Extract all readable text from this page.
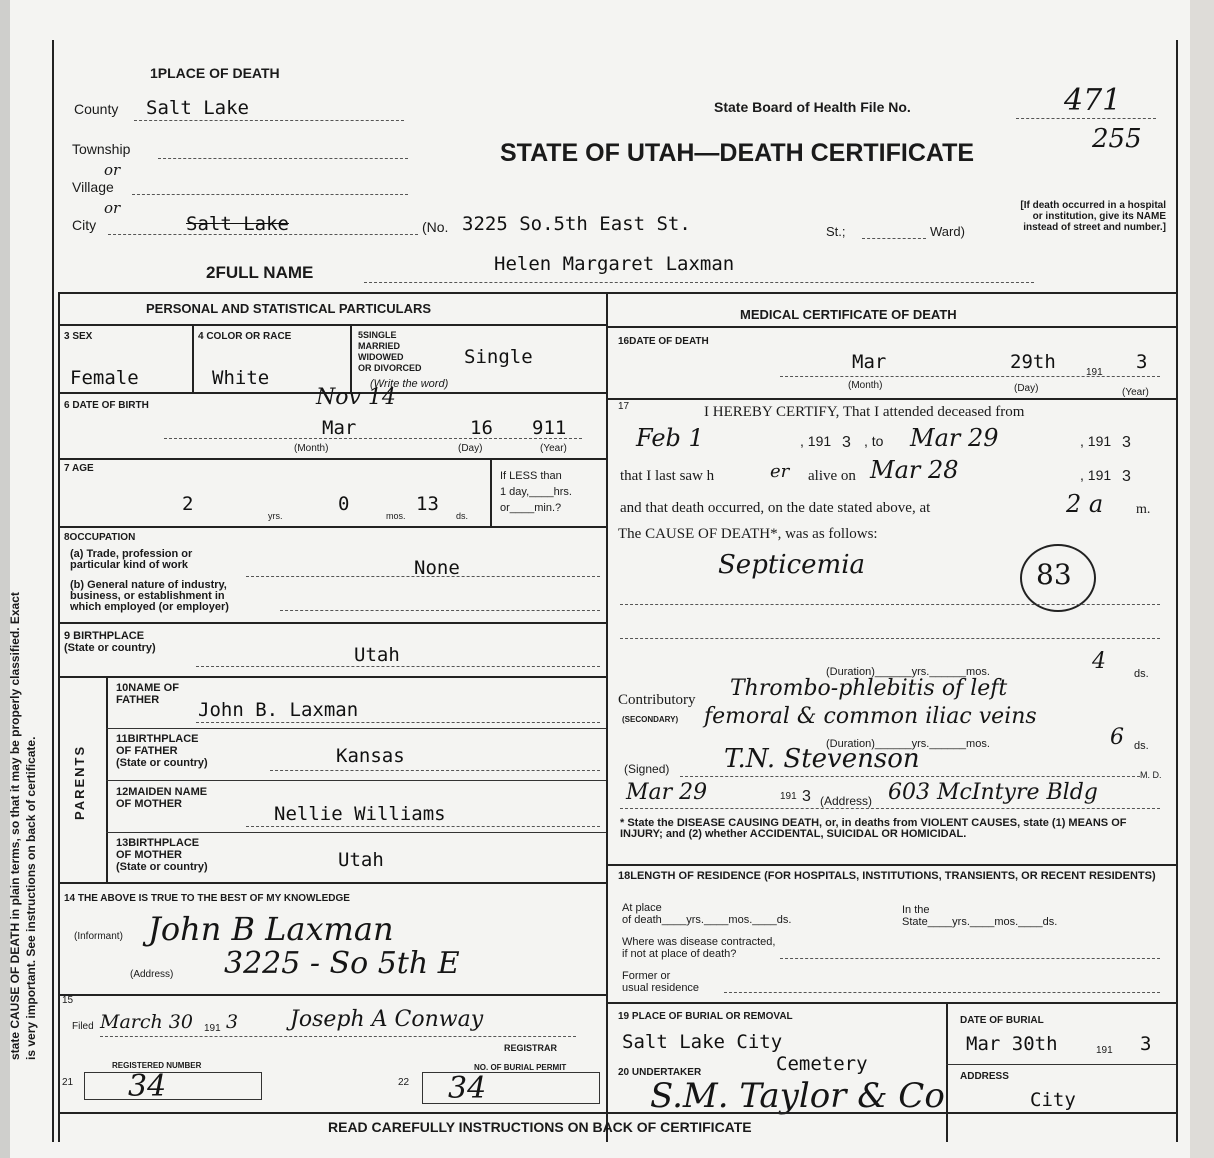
state CAUSE OF DEATH in plain terms, so that it may be properly classified. Exact is very important. See instructions on back of certificate.
1PLACE OF DEATH
County Salt Lake
Township
or
Village
or
City	Salt Lake	(No. 3225 So.5th East St.	St.;	Ward)
State Board of Health File No.	471
255
STATE OF UTAH—DEATH CERTIFICATE
[If death occurred in a hospital or institution, give its NAME instead of street and number.]
2FULL NAME	Helen Margaret Laxman
PERSONAL AND STATISTICAL PARTICULARS
3 SEX
Female
4 COLOR OR RACE
White
5SINGLE
MARRIED
WIDOWED
OR DIVORCED
(Write the word)
Single
6 DATE OF BIRTH	Nov 14
Mar	16 911
(Month)	(Day)	(Year)
7 AGE
2
yrs.
0
mos.
13
ds.
If LESS than
1 day,____hrs.
or____min.?
8OCCUPATION
(a) Trade, profession or
particular kind of work
(b) General nature of industry,
business, or establishment in
which employed (or employer)
None
9 BIRTHPLACE
(State or country)	Utah
PARENTS
10NAME OF
FATHER	John B. Laxman
11BIRTHPLACE
OF FATHER
(State or country)	Kansas
12MAIDEN NAME
OF MOTHER	Nellie Williams
13BIRTHPLACE
OF MOTHER
(State or country)	Utah
14 THE ABOVE IS TRUE TO THE BEST OF MY KNOWLEDGE
(Informant) John B Laxman
(Address) 3225 - So 5th E
15
Filed March 30 191 3 Joseph A Conway
REGISTRAR
REGISTERED NUMBER
21 34
NO. OF BURIAL PERMIT
22 34
MEDICAL CERTIFICATE OF DEATH
16DATE OF DEATH
Mar	29th	191 3
(Month)	(Day)	(Year)
17	I HEREBY CERTIFY, That I attended deceased from
Feb 1	, 191 3 , to Mar 29	, 191 3
that I last saw h	er alive on Mar 28	, 191 3
and that death occurred, on the date stated above, at	2 a m.
The CAUSE OF DEATH*, was as follows:
Septicemia	83
(Duration)______yrs.______mos.	4	ds.
Contributory
(SECONDARY)
Thrombo-phlebitis of left
femoral & common iliac veins
(Duration)______yrs.______mos.	6 ds.
(Signed) T.N. Stevenson
M. D.
Mar 29	191 3 (Address) 603 McIntyre Bldg
* State the DISEASE CAUSING DEATH, or, in deaths from VIOLENT CAUSES, state (1) MEANS OF INJURY; and (2) whether ACCIDENTAL, SUICIDAL OR HOMICIDAL.
18LENGTH OF RESIDENCE (FOR HOSPITALS, INSTITUTIONS, TRANSIENTS, OR RECENT RESIDENTS)
At place
of death____yrs.____mos.____ds.
In the
State____yrs.____mos.____ds.
Where was disease contracted,
if not at place of death?
Former or
usual residence
19 PLACE OF BURIAL OR REMOVAL
Salt Lake City
Cemetery
DATE OF BURIAL
Mar 30th	191 3
20 UNDERTAKER
S.M. Taylor & Co ADDRESS
City
READ CAREFULLY INSTRUCTIONS ON BACK OF CERTIFICATE
